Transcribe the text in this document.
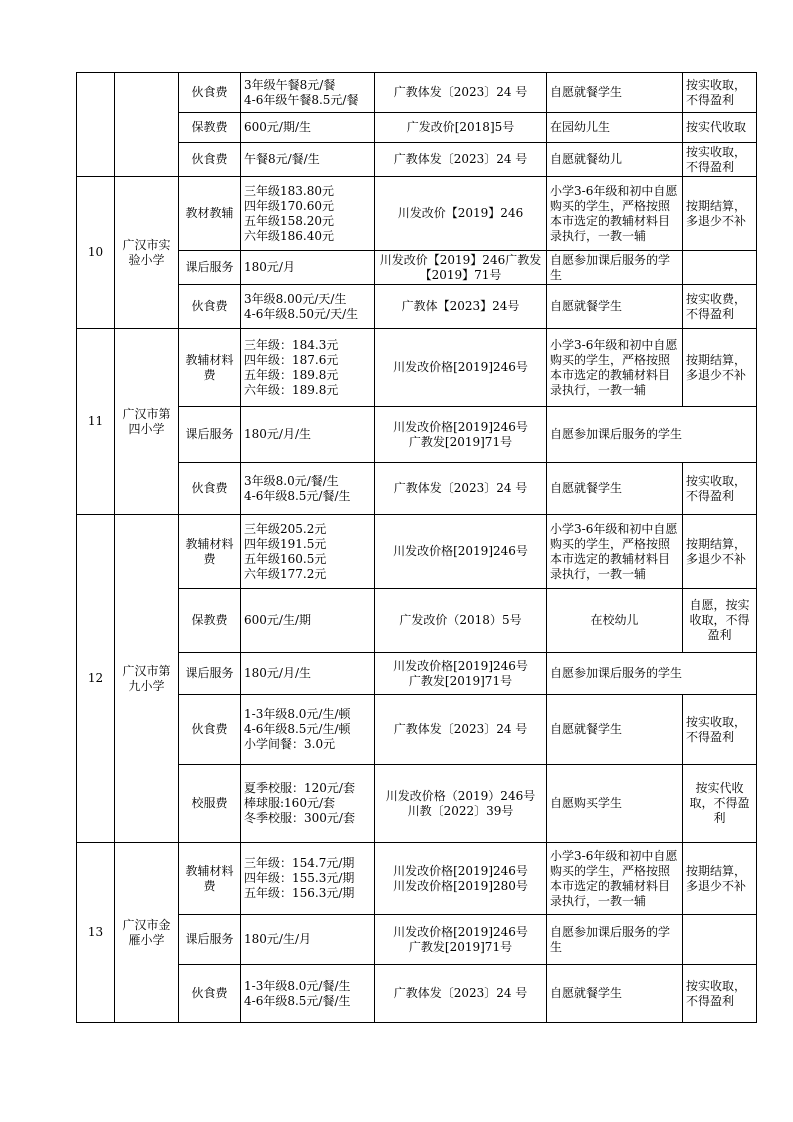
		伙食费	3年级午餐8元/餐
4-6年级午餐8.5元/餐	广教体发〔2023〕24 号	自愿就餐学生	按实收取，
不得盈利
		保教费	600元/期/生	广发改价[2018]5号	在园幼儿生	按实代收取
		伙食费	午餐8元/餐/生	广教体发〔2023〕24 号	自愿就餐幼儿	按实收取，
不得盈利
10	广汉市实
验小学	教材教辅	三年级183.80元
四年级170.60元
五年级158.20元
六年级186.40元	川发改价【2019】246	小学3-6年级和初中自愿购买的学生，严格按照本市选定的教辅材料目录执行，一教一辅	按期结算，
多退少不补
		课后服务	180元/月	川发改价【2019】246广教发【2019】71号	自愿参加课后服务的学生	
		伙食费	3年级8.00元/天/生
4-6年级8.50元/天/生	广教体【2023】24号	自愿就餐学生	按实收费，
不得盈利
11	广汉市第
四小学	教辅材料费	三年级：184.3元
四年级：187.6元
五年级：189.8元
六年级：189.8元	川发改价格[2019]246号	小学3-6年级和初中自愿购买的学生，严格按照本市选定的教辅材料目录执行，一教一辅	按期结算，
多退少不补
		课后服务	180元/月/生	川发改价格[2019]246号
广教发[2019]71号	自愿参加课后服务的学生	
		伙食费	3年级8.0元/餐/生
4-6年级8.5元/餐/生	广教体发〔2023〕24 号	自愿就餐学生	按实收取，
不得盈利
12	广汉市第
九小学	教辅材料费	三年级205.2元
四年级191.5元
五年级160.5元
六年级177.2元	川发改价格[2019]246号	小学3-6年级和初中自愿购买的学生，严格按照本市选定的教辅材料目录执行，一教一辅	按期结算，
多退少不补
		保教费	600元/生/期	广发改价（2018）5号	在校幼儿	自愿，按实
收取，不得
盈利
		课后服务	180元/月/生	川发改价格[2019]246号
广教发[2019]71号	自愿参加课后服务的学生	
		伙食费	1-3年级8.0元/生/顿
4-6年级8.5元/生/顿
小学间餐：3.0元	广教体发〔2023〕24 号	自愿就餐学生	按实收取，
不得盈利
		校服费	夏季校服：120元/套
棒球服:160元/套
冬季校服：300元/套	川发改价格（2019）246号
川教〔2022〕39号	自愿购买学生	按实代收
取，不得盈
利
13	广汉市金
雁小学	教辅材料费	三年级：154.7元/期
四年级：155.3元/期
五年级：156.3元/期	川发改价格[2019]246号
川发改价格[2019]280号	小学3-6年级和初中自愿购买的学生，严格按照本市选定的教辅材料目录执行，一教一辅	按期结算，
多退少不补
		课后服务	180元/生/月	川发改价格[2019]246号
广教发[2019]71号	自愿参加课后服务的学生	
		伙食费	1-3年级8.0元/餐/生
4-6年级8.5元/餐/生	广教体发〔2023〕24 号	自愿就餐学生	按实收取，
不得盈利
